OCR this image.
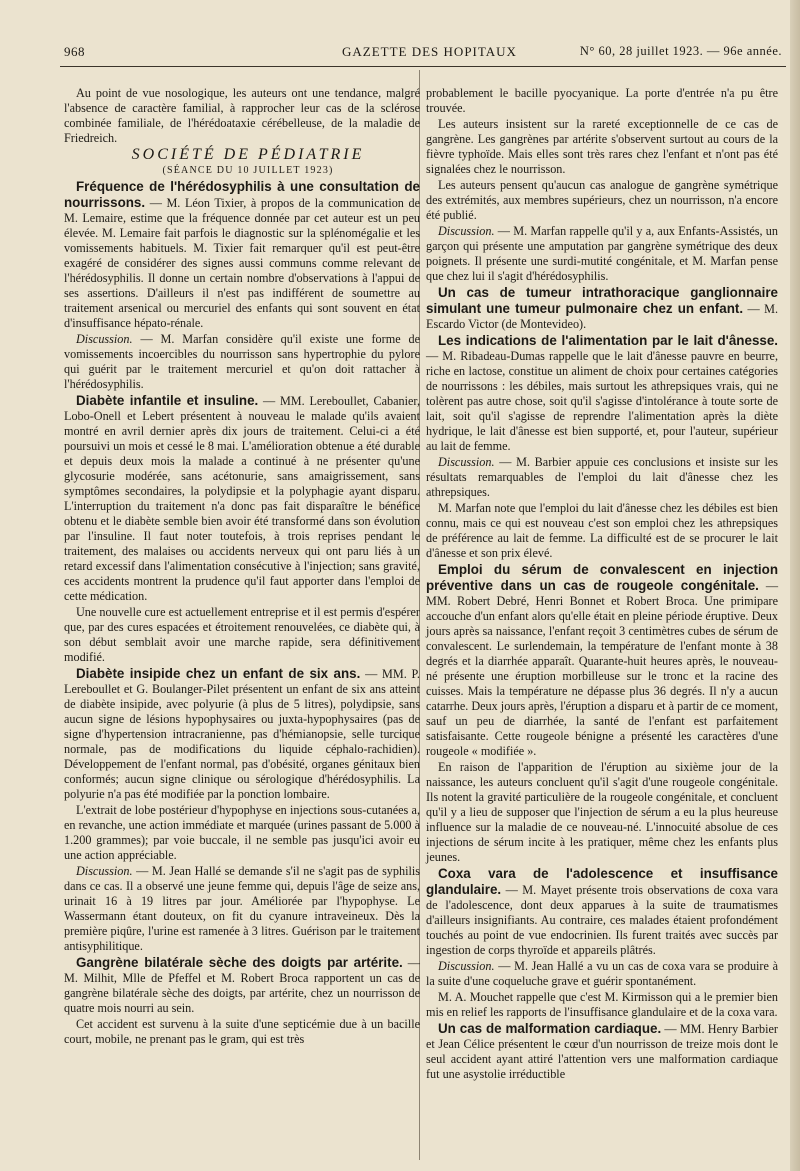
968	GAZETTE DES HOPITAUX	N° 60, 28 juillet 1923. — 96e année.

Au point de vue nosologique, les auteurs ont une tendance, malgré l'absence de caractère familial, à rapprocher leur cas de la sclérose combinée familiale, de l'hérédoataxie cérébelleuse, de la maladie de Friedreich.

SOCIÉTÉ DE PÉDIATRIE

(SÉANCE DU 10 JUILLET 1923)

Fréquence de l'hérédosyphilis à une consultation de nourrissons. — M. Léon Tixier, à propos de la communication de M. Lemaire, estime que la fréquence donnée par cet auteur est un peu élevée. M. Lemaire fait parfois le diagnostic sur la splénomégalie et les vomissements habituels. M. Tixier fait remarquer qu'il est peut-être exagéré de considérer des signes aussi communs comme relevant de l'hérédosyphilis. Il donne un certain nombre d'observations à l'appui de ses assertions. D'ailleurs il n'est pas indifférent de soumettre au traitement arsenical ou mercuriel des enfants qui sont souvent en état d'insuffisance hépato-rénale.

Discussion. — M. Marfan considère qu'il existe une forme de vomissements incoercibles du nourrisson sans hypertrophie du pylore qui guérit par le traitement mercuriel et qu'on doit rattacher à l'hérédosyphilis.

Diabète infantile et insuline. — MM. Lereboullet, Cabanier, Lobo-Onell et Lebert présentent à nouveau le malade qu'ils avaient montré en avril dernier après dix jours de traitement. Celui-ci a été poursuivi un mois et cessé le 8 mai. L'amélioration obtenue a été durable et depuis deux mois la malade a continué à ne présenter qu'une glycosurie modérée, sans acétonurie, sans amaigrissement, sans symptômes secondaires, la polydipsie et la polyphagie ayant disparu. L'interruption du traitement n'a donc pas fait disparaître le bénéfice obtenu et le diabète semble bien avoir été transformé dans son évolution par l'insuline. Il faut noter toutefois, à trois reprises pendant le traitement, des malaises ou accidents nerveux qui ont paru liés à un retard excessif dans l'alimentation consécutive à l'injection; sans gravité, ces accidents montrent la prudence qu'il faut apporter dans l'emploi de cette médication.

Une nouvelle cure est actuellement entreprise et il est permis d'espérer que, par des cures espacées et étroitement renouvelées, ce diabète qui, à son début semblait avoir une marche rapide, sera définitivement modifié.

Diabète insipide chez un enfant de six ans. — MM. P. Lereboullet et G. Boulanger-Pilet présentent un enfant de six ans atteint de diabète insipide, avec polyurie (à plus de 5 litres), polydipsie, sans aucun signe de lésions hypophysaires ou juxta-hypophysaires (pas de signe d'hypertension intracranienne, pas d'hémianopsie, selle turcique normale, pas de modifications du liquide céphalo-rachidien). Développement de l'enfant normal, pas d'obésité, organes génitaux bien conformés; aucun signe clinique ou sérologique d'hérédosyphilis. La polyurie n'a pas été modifiée par la ponction lombaire.

L'extrait de lobe postérieur d'hypophyse en injections sous-cutanées a, en revanche, une action immédiate et marquée (urines passant de 5.000 à 1.200 grammes); par voie buccale, il ne semble pas jusqu'ici avoir eu une action appréciable.

Discussion. — M. Jean Hallé se demande s'il ne s'agit pas de syphilis dans ce cas. Il a observé une jeune femme qui, depuis l'âge de seize ans, urinait 16 à 19 litres par jour. Améliorée par l'hypophyse. Le Wassermann étant douteux, on fit du cyanure intraveineux. Dès la première piqûre, l'urine est ramenée à 3 litres. Guérison par le traitement antisyphilitique.

Gangrène bilatérale sèche des doigts par artérite. — M. Milhit, Mlle de Pfeffel et M. Robert Broca rapportent un cas de gangrène bilatérale sèche des doigts, par artérite, chez un nourrisson de quatre mois nourri au sein.

Cet accident est survenu à la suite d'une septicémie due à un bacille court, mobile, ne prenant pas le gram, qui est très

probablement le bacille pyocyanique. La porte d'entrée n'a pu être trouvée.

Les auteurs insistent sur la rareté exceptionnelle de ce cas de gangrène. Les gangrènes par artérite s'observent surtout au cours de la fièvre typhoïde. Mais elles sont très rares chez l'enfant et n'ont pas été signalées chez le nourrisson.

Les auteurs pensent qu'aucun cas analogue de gangrène symétrique des extrémités, aux membres supérieurs, chez un nourrisson, n'a encore été publié.

Discussion. — M. Marfan rappelle qu'il y a, aux Enfants-Assistés, un garçon qui présente une amputation par gangrène symétrique des deux poignets. Il présente une surdi-mutité congénitale, et M. Marfan pense que chez lui il s'agit d'hérédosyphilis.

Un cas de tumeur intrathoracique ganglionnaire simulant une tumeur pulmonaire chez un enfant. — M. Escardo Victor (de Montevideo).

Les indications de l'alimentation par le lait d'ânesse. — M. Ribadeau-Dumas rappelle que le lait d'ânesse pauvre en beurre, riche en lactose, constitue un aliment de choix pour certaines catégories de nourrissons : les débiles, mais surtout les athrepsiques vrais, qui ne tolèrent pas autre chose, soit qu'il s'agisse d'intolérance à toute sorte de lait, soit qu'il s'agisse de reprendre l'alimentation après la diète hydrique, le lait d'ânesse est bien supporté, et, pour l'auteur, supérieur au lait de femme.

Discussion. — M. Barbier appuie ces conclusions et insiste sur les résultats remarquables de l'emploi du lait d'ânesse chez les athrepsiques.

M. Marfan note que l'emploi du lait d'ânesse chez les débiles est bien connu, mais ce qui est nouveau c'est son emploi chez les athrepsiques de préférence au lait de femme. La difficulté est de se procurer le lait d'ânesse et son prix élevé.

Emploi du sérum de convalescent en injection préventive dans un cas de rougeole congénitale. — MM. Robert Debré, Henri Bonnet et Robert Broca. Une primipare accouche d'un enfant alors qu'elle était en pleine période éruptive. Deux jours après sa naissance, l'enfant reçoit 3 centimètres cubes de sérum de convalescent. Le surlendemain, la température de l'enfant monte à 38 degrés et la diarrhée apparaît. Quarante-huit heures après, le nouveau-né présente une éruption morbilleuse sur le tronc et la racine des cuisses. Mais la température ne dépasse plus 36 degrés. Il n'y a aucun catarrhe. Deux jours après, l'éruption a disparu et à partir de ce moment, sauf un peu de diarrhée, la santé de l'enfant est parfaitement satisfaisante. Cette rougeole bénigne a présenté les caractères d'une rougeole « modifiée ».

En raison de l'apparition de l'éruption au sixième jour de la naissance, les auteurs concluent qu'il s'agit d'une rougeole congénitale. Ils notent la gravité particulière de la rougeole congénitale, et concluent qu'il y a lieu de supposer que l'injection de sérum a eu la plus heureuse influence sur la maladie de ce nouveau-né. L'innocuité absolue de ces injections de sérum incite à les pratiquer, même chez les enfants plus jeunes.

Coxa vara de l'adolescence et insuffisance glandulaire. — M. Mayet présente trois observations de coxa vara de l'adolescence, dont deux apparues à la suite de traumatismes d'ailleurs insignifiants. Au contraire, ces malades étaient profondément touchés au point de vue endocrinien. Ils furent traités avec succès par ingestion de corps thyroïde et appareils plâtrés.

Discussion. — M. Jean Hallé a vu un cas de coxa vara se produire à la suite d'une coqueluche grave et guérir spontanément.

M. A. Mouchet rappelle que c'est M. Kirmisson qui a le premier bien mis en relief les rapports de l'insuffisance glandulaire et de la coxa vara.

Un cas de malformation cardiaque. — MM. Henry Barbier et Jean Célice présentent le cœur d'un nourrisson de treize mois dont le seul accident ayant attiré l'attention vers une malformation cardiaque fut une asystolie irréductible
